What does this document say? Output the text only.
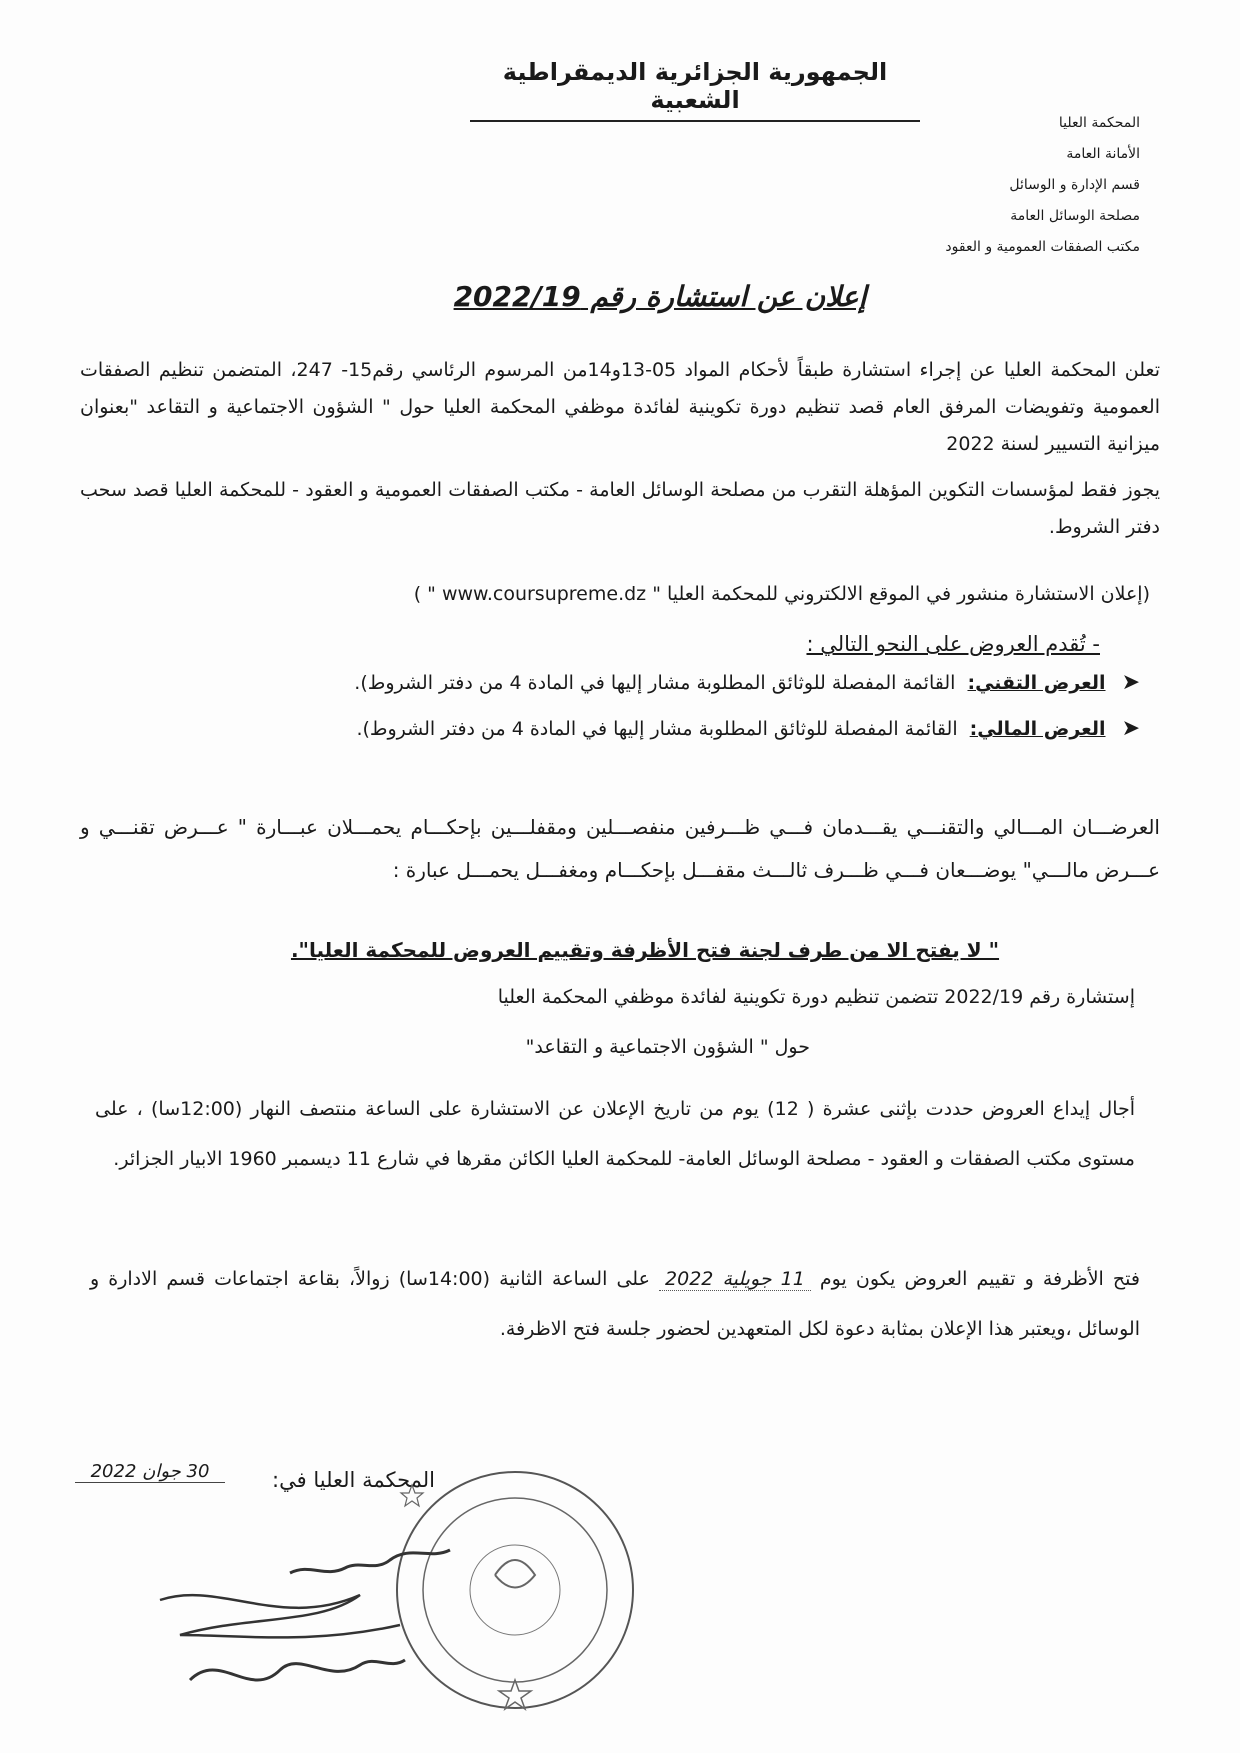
الجمهورية الجزائرية الديمقراطية الشعبية
المحكمة العليا
الأمانة العامة
قسم الإدارة و الوسائل
مصلحة الوسائل العامة
مكتب الصفقات العمومية و العقود
إعلان عن استشارة رقم 2022/19
تعلن المحكمة العليا عن إجراء استشارة طبقاً لأحكام المواد 05-13و14من المرسوم الرئاسي رقم15- 247، المتضمن تنظيم الصفقات العمومية وتفويضات المرفق العام قصد تنظيم دورة تكوينية لفائدة موظفي المحكمة العليا حول " الشؤون الاجتماعية و التقاعد "بعنوان ميزانية التسيير لسنة 2022
يجوز فقط لمؤسسات التكوين المؤهلة التقرب من مصلحة الوسائل العامة - مكتب الصفقات العمومية و العقود - للمحكمة العليا قصد سحب دفتر الشروط.
(إعلان الاستشارة منشور في الموقع الالكتروني للمحكمة العليا " www.coursupreme.dz " )
- تُقدم العروض على النحو التالي :
➤ العرض التقني: القائمة المفصلة للوثائق المطلوبة مشار إليها في المادة 4 من دفتر الشروط).
➤ العرض المالي: القائمة المفصلة للوثائق المطلوبة مشار إليها في المادة 4 من دفتر الشروط).
العرضـــان المـــالي والتقنـــي يقـــدمان فـــي ظـــرفين منفصـــلين ومقفلـــين بإحكـــام يحمـــلان عبـــارة " عـــرض تقنـــي و عـــرض مالـــي" يوضـــعان فـــي ظـــرف ثالـــث مقفـــل بإحكـــام ومغفـــل يحمـــل عبارة :
" لا يفتح الا من طرف لجنة فتح الأظرفة وتقييم العروض للمحكمة العليا".
إستشارة رقم 2022/19 تتضمن تنظيم دورة تكوينية لفائدة موظفي المحكمة العليا
حول " الشؤون الاجتماعية و التقاعد"
أجال إيداع العروض حددت بإثنى عشرة ( 12) يوم من تاريخ الإعلان عن الاستشارة على الساعة منتصف النهار (12:00سا) ، على مستوى مكتب الصفقات و العقود - مصلحة الوسائل العامة- للمحكمة العليا الكائن مقرها في شارع 11 ديسمبر 1960 الابيار الجزائر.
فتح الأظرفة و تقييم العروض يكون يوم 11 جويلية 2022 على الساعة الثانية (14:00سا) زوالاً، بقاعة اجتماعات قسم الادارة و الوسائل ،ويعتبر هذا الإعلان بمثابة دعوة لكل المتعهدين لحضور جلسة فتح الاظرفة.
المحكمة العليا في:
30 جوان 2022
